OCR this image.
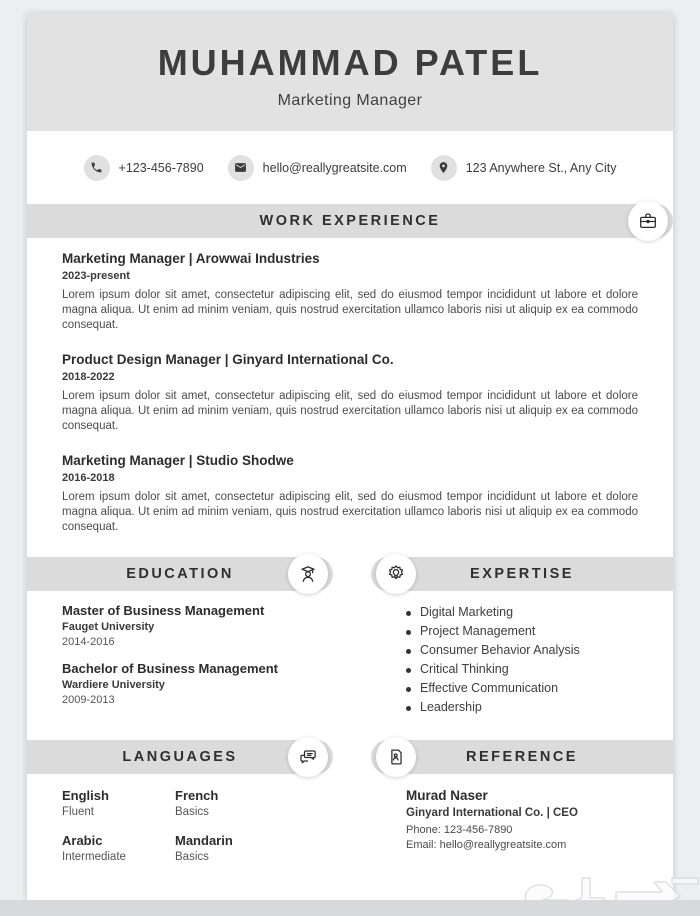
MUHAMMAD PATEL
Marketing Manager
+123-456-7890	hello@reallygreatsite.com	123 Anywhere St., Any City
WORK EXPERIENCE
Marketing Manager | Arowwai Industries
2023-present
Lorem ipsum dolor sit amet, consectetur adipiscing elit, sed do eiusmod tempor incididunt ut labore et dolore magna aliqua. Ut enim ad minim veniam, quis nostrud exercitation ullamco laboris nisi ut aliquip ex ea commodo consequat.
Product Design Manager | Ginyard International Co.
2018-2022
Lorem ipsum dolor sit amet, consectetur adipiscing elit, sed do eiusmod tempor incididunt ut labore et dolore magna aliqua. Ut enim ad minim veniam, quis nostrud exercitation ullamco laboris nisi ut aliquip ex ea commodo consequat.
Marketing Manager | Studio Shodwe
2016-2018
Lorem ipsum dolor sit amet, consectetur adipiscing elit, sed do eiusmod tempor incididunt ut labore et dolore magna aliqua. Ut enim ad minim veniam, quis nostrud exercitation ullamco laboris nisi ut aliquip ex ea commodo consequat.
EDUCATION
Master of Business Management
Fauget University
2014-2016
Bachelor of Business Management
Wardiere University
2009-2013
EXPERTISE
Digital Marketing
Project Management
Consumer Behavior Analysis
Critical Thinking
Effective Communication
Leadership
LANGUAGES
English
Fluent
French
Basics
Arabic
Intermediate
Mandarin
Basics
REFERENCE
Murad Naser
Ginyard International Co. | CEO
Phone: 123-456-7890
Email: hello@reallygreatsite.com
